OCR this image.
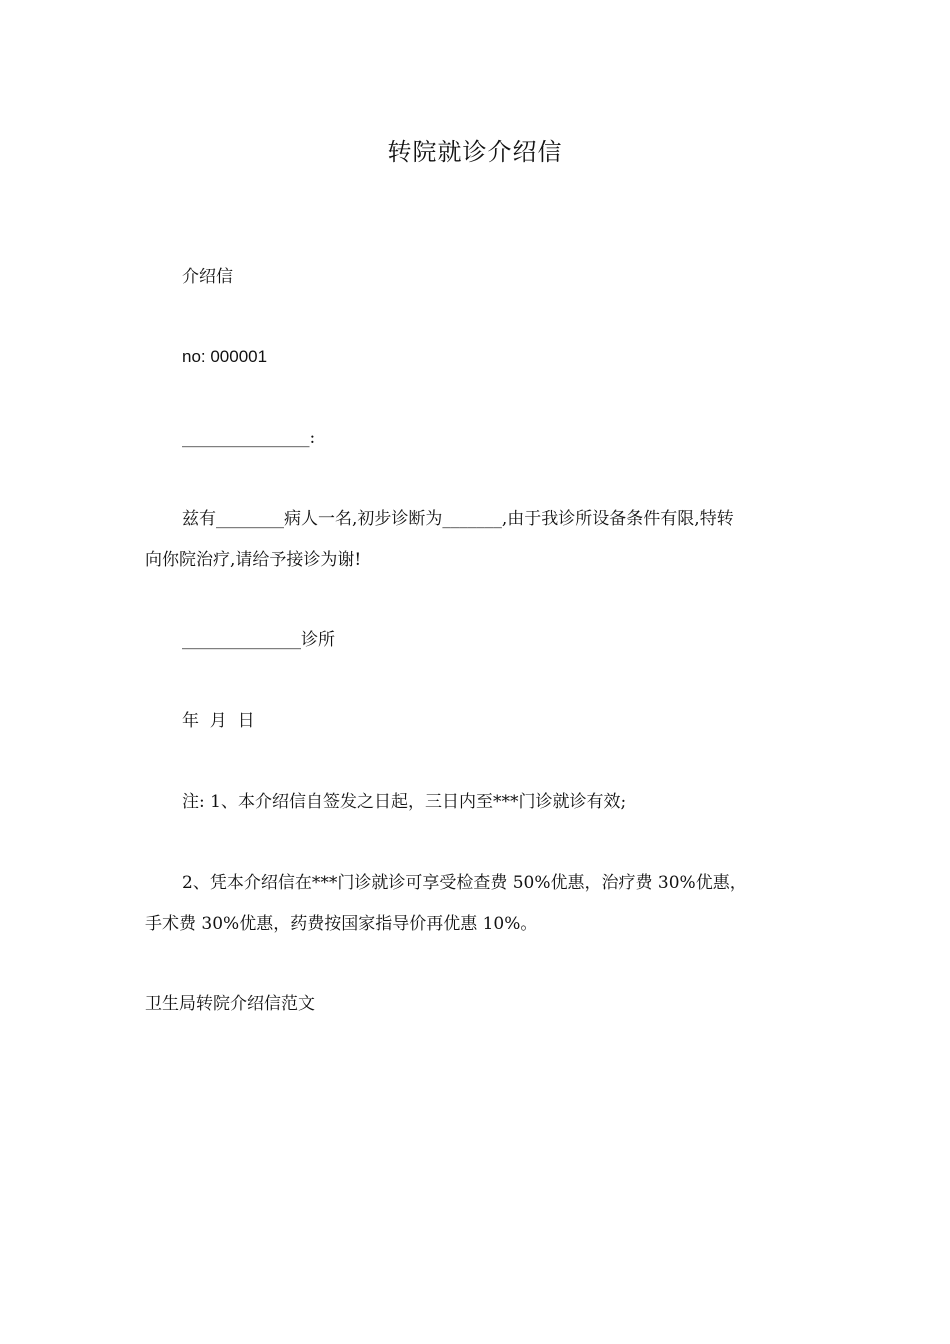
转院就诊介绍信
介绍信
no: 000001
_______________:
兹有________病人一名,初步诊断为_______,由于我诊所设备条件有限,特转
向你院治疗,请给予接诊为谢!
______________诊所
年  月  日
注: 1、本介绍信自签发之日起，三日内至***门诊就诊有效;
2、凭本介绍信在***门诊就诊可享受检查费 50%优惠，治疗费 30%优惠，
手术费 30%优惠，药费按国家指导价再优惠 10%。
卫生局转院介绍信范文
